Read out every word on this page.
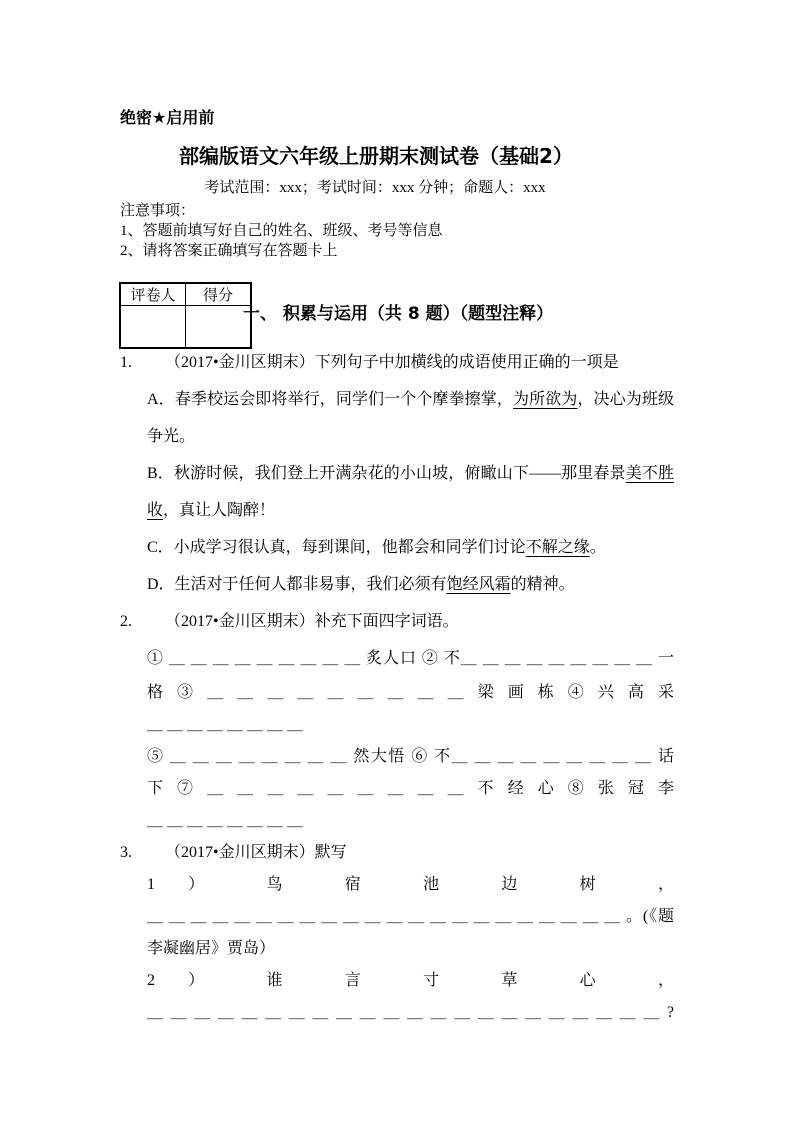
绝密★启用前
部编版语文六年级上册期末测试卷（基础2）
考试范围：xxx；考试时间：xxx 分钟；命题人：xxx
注意事项：
1、答题前填写好自己的姓名、班级、考号等信息
2、请将答案正确填写在答题卡上
评卷人	得分

一、 积累与运用（共 8 题）（题型注释）
1. （2017•金川区期末）下列句子中加横线的成语使用正确的一项是
A．春季校运会即将举行，同学们一个个摩拳擦掌，为所欲为，决心为班级
争光。
B．秋游时候，我们登上开满杂花的小山坡，俯瞰山下——那里春景美不胜
收，真让人陶醉！
C．小成学习很认真，每到课间，他都会和同学们讨论不解之缘。
D．生活对于任何人都非易事，我们必须有饱经风霜的精神。
2. （2017•金川区期末）补充下面四字词语。
① ＿ ＿ ＿ ＿ ＿ ＿ ＿ ＿ ＿ 炙人口 ② 不＿ ＿ ＿ ＿ ＿ ＿ ＿ ＿ ＿ 一
格 ③ ＿ ＿ ＿ ＿ ＿ ＿ ＿ ＿ ＿ 梁 画 栋 ④ 兴 高 采
＿ ＿ ＿ ＿ ＿ ＿ ＿ ＿
⑤ ＿ ＿ ＿ ＿ ＿ ＿ ＿ ＿ 然大悟 ⑥ 不＿ ＿ ＿ ＿ ＿ ＿ ＿ ＿ ＿ 话
下 ⑦ ＿ ＿ ＿ ＿ ＿ ＿ ＿ ＿ ＿ 不 经 心 ⑧ 张 冠 李
＿ ＿ ＿ ＿ ＿ ＿ ＿ ＿
3. （2017•金川区期末）默写
1 ） 鸟 宿 池 边 树 ，
＿ ＿ ＿ ＿ ＿ ＿ ＿ ＿ ＿ ＿ ＿ ＿ ＿ ＿ ＿ ＿ ＿ ＿ ＿ ＿ ＿ ＿ 。(《题
李凝幽居》贾岛）
2 ） 谁 言 寸 草 心 ，
＿ ＿ ＿ ＿ ＿ ＿ ＿ ＿ ＿ ＿ ＿ ＿ ＿ ＿ ＿ ＿ ＿ ＿ ＿ ＿ ＿ ＿ ?
